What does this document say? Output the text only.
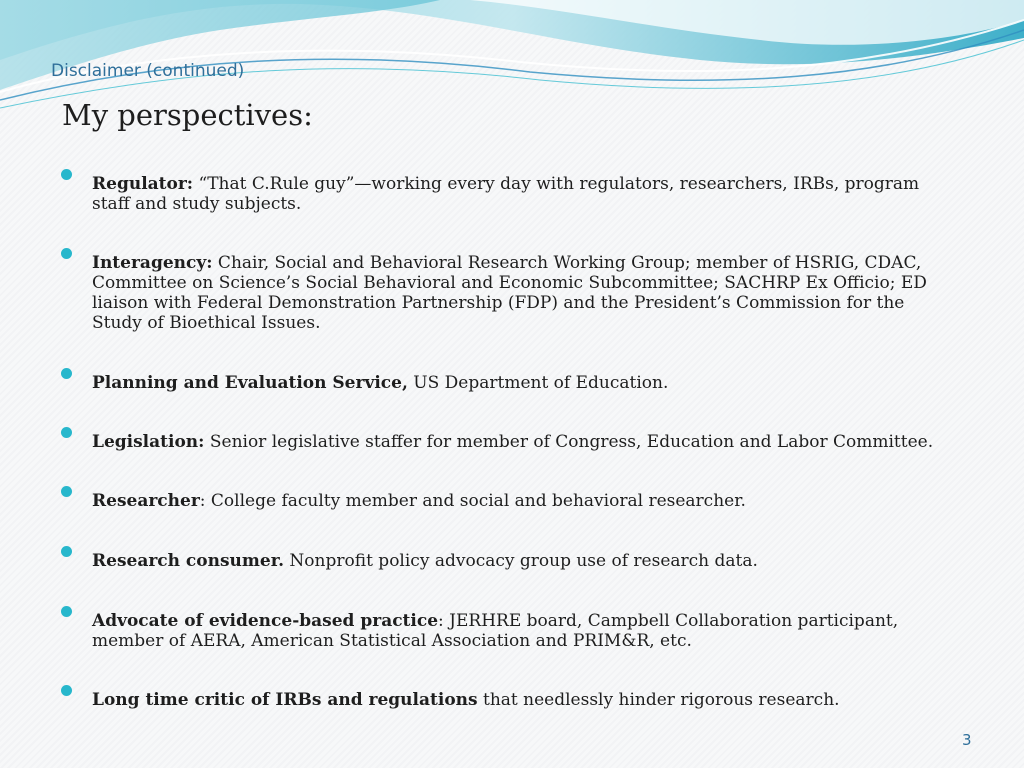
Disclaimer (continued)
My perspectives:
Regulator: “That C.Rule guy”—working every day with regulators, researchers, IRBs, program staff and study subjects.
Interagency: Chair, Social and Behavioral Research Working Group; member of HSRIG, CDAC, Committee on Science’s Social Behavioral and Economic Subcommittee; SACHRP Ex Officio; ED liaison with Federal Demonstration Partnership (FDP) and the President’s Commission for the Study of Bioethical Issues.
Planning and Evaluation Service, US Department of Education.
Legislation: Senior legislative staffer for member of Congress, Education and Labor Committee.
Researcher: College faculty member and social and behavioral researcher.
Research consumer. Nonprofit policy advocacy group use of research data.
Advocate of evidence-based practice: JERHRE board, Campbell Collaboration participant, member of AERA, American Statistical Association and PRIM&R, etc.
Long time critic of IRBs and regulations that needlessly hinder rigorous research.
3
